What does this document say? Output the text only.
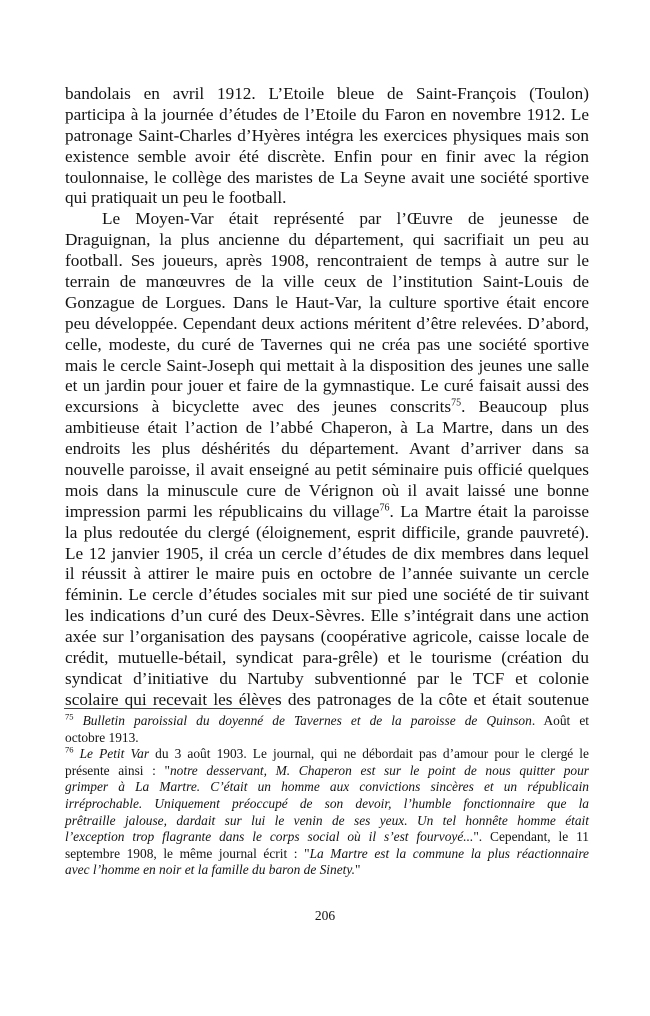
bandolais en avril 1912. L’Etoile bleue de Saint-François (Toulon)
participa à la journée d’études de l’Etoile du Faron en novembre 1912. Le
patronage Saint-Charles d’Hyères intégra les exercices physiques mais son
existence semble avoir été discrète. Enfin pour en finir avec la région
toulonnaise, le collège des maristes de La Seyne avait une société sportive
qui pratiquait un peu le football.
Le Moyen-Var était représenté par l’Œuvre de jeunesse de
Draguignan, la plus ancienne du département, qui sacrifiait un peu au
football. Ses joueurs, après 1908, rencontraient de temps à autre sur le
terrain de manœuvres de la ville ceux de l’institution Saint-Louis de
Gonzague de Lorgues. Dans le Haut-Var, la culture sportive était encore
peu développée. Cependant deux actions méritent d’être relevées. D’abord,
celle, modeste, du curé de Tavernes qui ne créa pas une société sportive
mais le cercle Saint-Joseph qui mettait à la disposition des jeunes une salle
et un jardin pour jouer et faire de la gymnastique. Le curé faisait aussi des
excursions à bicyclette avec des jeunes conscrits$^{75}$. Beaucoup plus
ambitieuse était l’action de l’abbé Chaperon, à La Martre, dans un des
endroits les plus déshérités du département. Avant d’arriver dans sa
nouvelle paroisse, il avait enseigné au petit séminaire puis officié quelques
mois dans la minuscule cure de Vérignon où il avait laissé une bonne
impression parmi les républicains du village$^{76}$. La Martre était la paroisse
la plus redoutée du clergé (éloignement, esprit difficile, grande pauvreté).
Le 12 janvier 1905, il créa un cercle d’études de dix membres dans lequel
il réussit à attirer le maire puis en octobre de l’année suivante un cercle
féminin. Le cercle d’études sociales mit sur pied une société de tir suivant
les indications d’un curé des Deux-Sèvres. Elle s’intégrait dans une action
axée sur l’organisation des paysans (coopérative agricole, caisse locale de
crédit, mutuelle-bétail, syndicat para-grêle) et le tourisme (création du
syndicat d’initiative du Nartuby subventionné par le TCF et colonie
scolaire qui recevait les élèves des patronages de la côte et était soutenue
$^{75}$ Bulletin paroissial du doyenné de Tavernes et de la paroisse de Quinson. Août et
octobre 1913.
$^{76}$ Le Petit Var du 3 août 1903. Le journal, qui ne débordait pas d’amour pour le clergé le
présente ainsi : "notre desservant, M. Chaperon est sur le point de nous quitter pour
grimper à La Martre. C’était un homme aux convictions sincères et un républicain
irréprochable. Uniquement préoccupé de son devoir, l’humble fonctionnaire que la
prêtraille jalouse, dardait sur lui le venin de ses yeux. Un tel honnête homme était
l’exception trop flagrante dans le corps social où il s’est fourvoyé...". Cependant, le 11
septembre 1908, le même journal écrit : "La Martre est la commune la plus réactionnaire
avec l’homme en noir et la famille du baron de Sinety."
206
